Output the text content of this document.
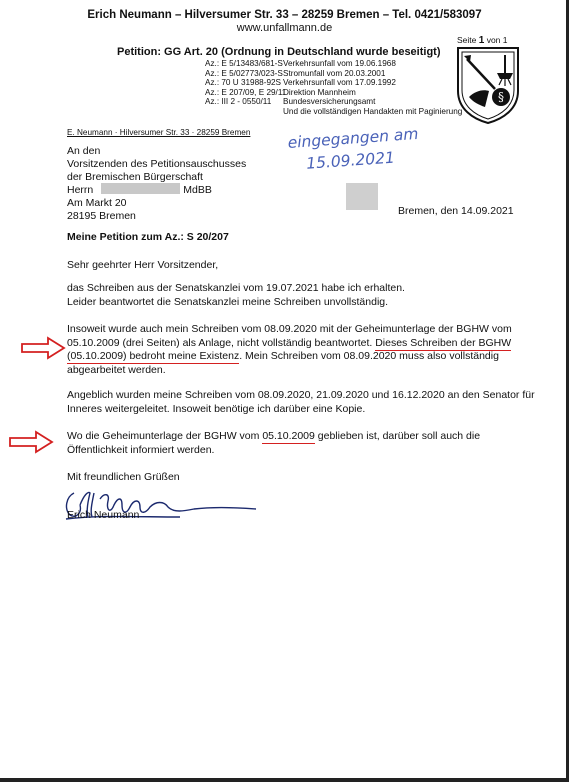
Erich Neumann – Hilversumer Str. 33 – 28259 Bremen – Tel. 0421/583097
www.unfallmann.de
Petition: GG Art. 20 (Ordnung in Deutschland wurde beseitigt)
Az.: E 5/13483/681-SVerkehrsunfall vom 19.06.1968
Az.: E 5/02773/023-SStromunfall vom 20.03.2001
Az.: 70 U 31988-92S Verkehrsunfall vom 17.09.1992
Az.: E 207/09, E 29/11Direktion Mannheim
Az.: III 2 - 0550/11 Bundesversicherungsamt
Und die vollständigen Handakten mit Paginierung
Seite 1 von 1
§
E. Neumann · Hilversumer Str. 33 · 28259 Bremen
An den
Vorsitzenden des Petitionsauschusses
der Bremischen Bürgerschaft
Herrn	MdBB
Am Markt 20
28195 Bremen
eingegangen am
15.09.2021
Bremen, den 14.09.2021
Meine Petition zum Az.: S 20/207
Sehr geehrter Herr Vorsitzender,
das Schreiben aus der Senatskanzlei vom 19.07.2021 habe ich erhalten.
Leider beantwortet die Senatskanzlei meine Schreiben unvollständig.
Insoweit wurde auch mein Schreiben vom 08.09.2020 mit der Geheimunterlage der BGHW vom 05.10.2009 (drei Seiten) als Anlage, nicht vollständig beantwortet. Dieses Schreiben der BGHW (05.10.2009) bedroht meine Existenz. Mein Schreiben vom 08.09.2020 muss also vollständig abgearbeitet werden.
Angeblich wurden meine Schreiben vom 08.09.2020, 21.09.2020 und 16.12.2020 an den Senator für Inneres weitergeleitet. Insoweit benötige ich darüber eine Kopie.
Wo die Geheimunterlage der BGHW vom 05.10.2009 geblieben ist, darüber soll auch die Öffentlichkeit informiert werden.
Mit freundlichen Grüßen
Erich Neumann
